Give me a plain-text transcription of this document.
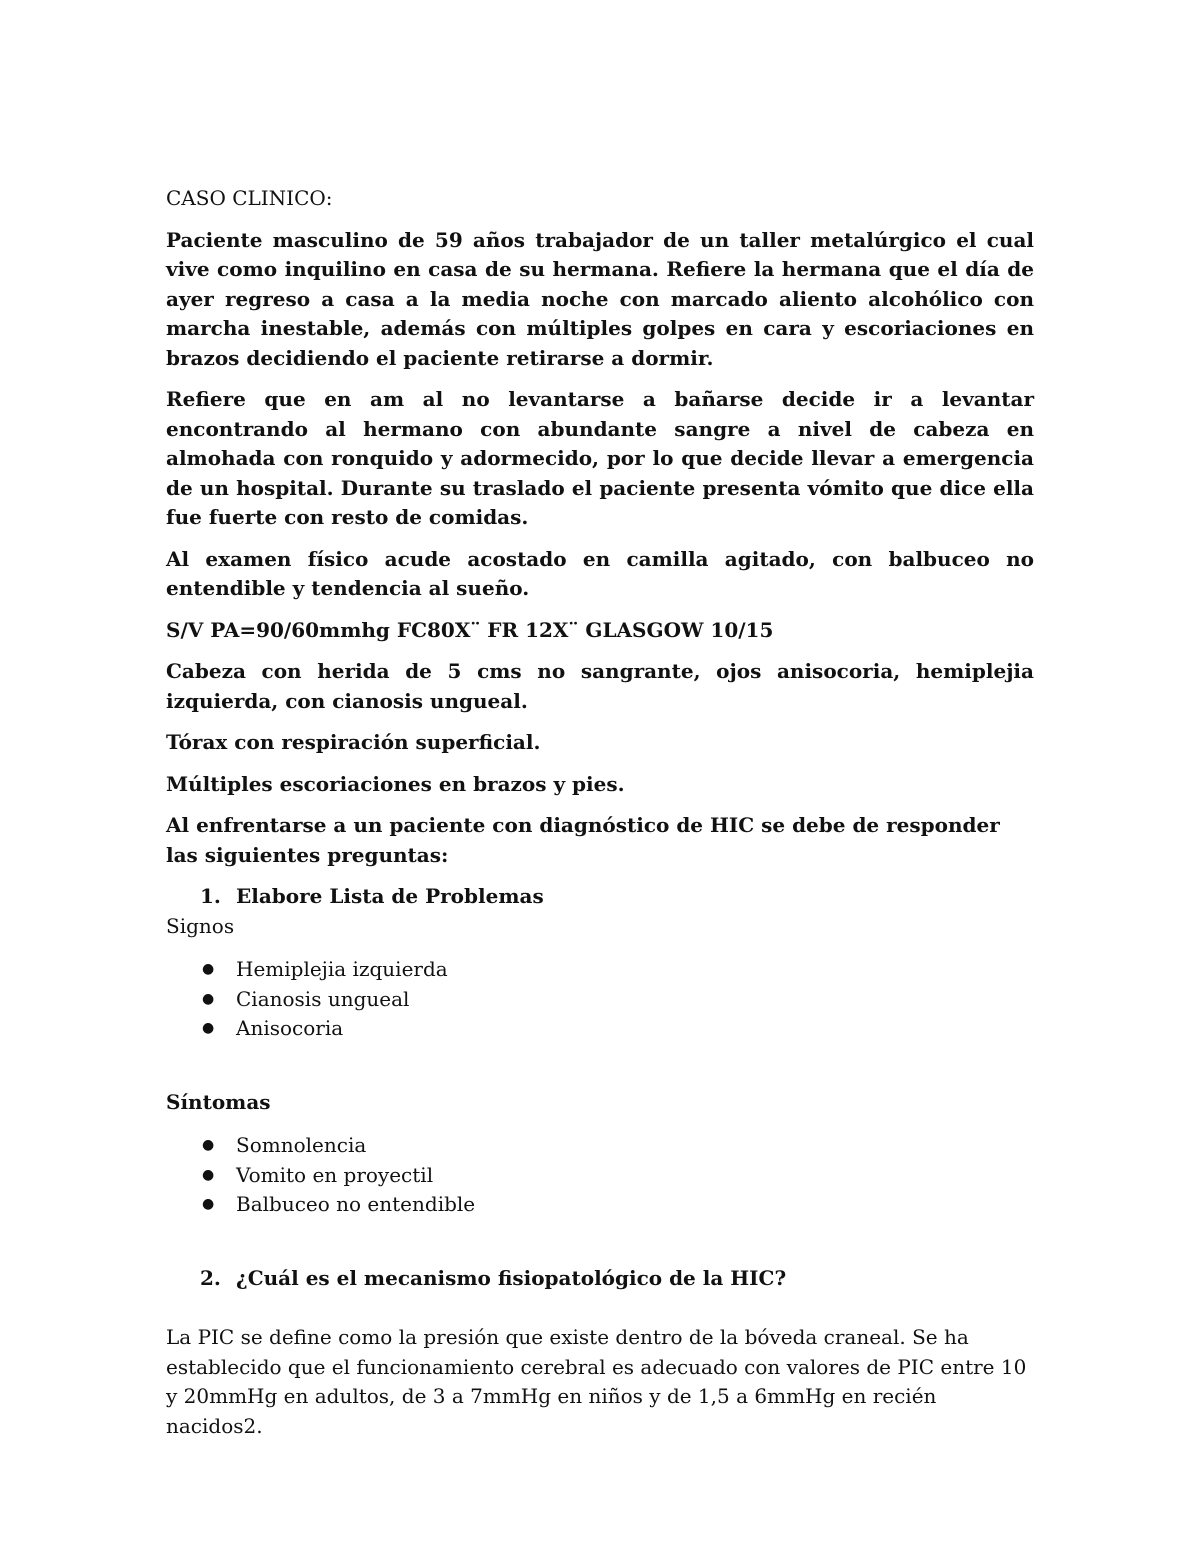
CASO CLINICO:

Paciente masculino de 59 años trabajador de un taller metalúrgico el cual vive como inquilino en casa de su hermana. Refiere la hermana que el día de ayer regreso a casa a la media noche con marcado aliento alcohólico con marcha inestable, además con múltiples golpes en cara y escoriaciones en brazos decidiendo el paciente retirarse a dormir.

Refiere que en am al no levantarse a bañarse decide ir a levantar encontrando al hermano con abundante sangre a nivel de cabeza en almohada con ronquido y adormecido, por lo que decide llevar a emergencia de un hospital. Durante su traslado el paciente presenta vómito que dice ella fue fuerte con resto de comidas.

Al examen físico acude acostado en camilla agitado, con balbuceo no entendible y tendencia al sueño.

S/V PA=90/60mmhg FC80X¨ FR 12X¨ GLASGOW 10/15

Cabeza con herida de 5 cms no sangrante, ojos anisocoria, hemiplejia izquierda, con cianosis ungueal.

Tórax con respiración superficial.

Múltiples escoriaciones en brazos y pies.

Al enfrentarse a un paciente con diagnóstico de HIC se debe de responder las siguientes preguntas:

1. Elabore Lista de Problemas

Signos

●	Hemiplejia izquierda
●	Cianosis ungueal
●	Anisocoria

Síntomas

●	Somnolencia
●	Vomito en proyectil
●	Balbuceo no entendible
2. ¿Cuál es el mecanismo fisiopatológico de la HIC?

La PIC se define como la presión que existe dentro de la bóveda craneal. Se ha establecido que el funcionamiento cerebral es adecuado con valores de PIC entre 10 y 20mmHg en adultos, de 3 a 7mmHg en niños y de 1,5 a 6mmHg en recién nacidos2.
